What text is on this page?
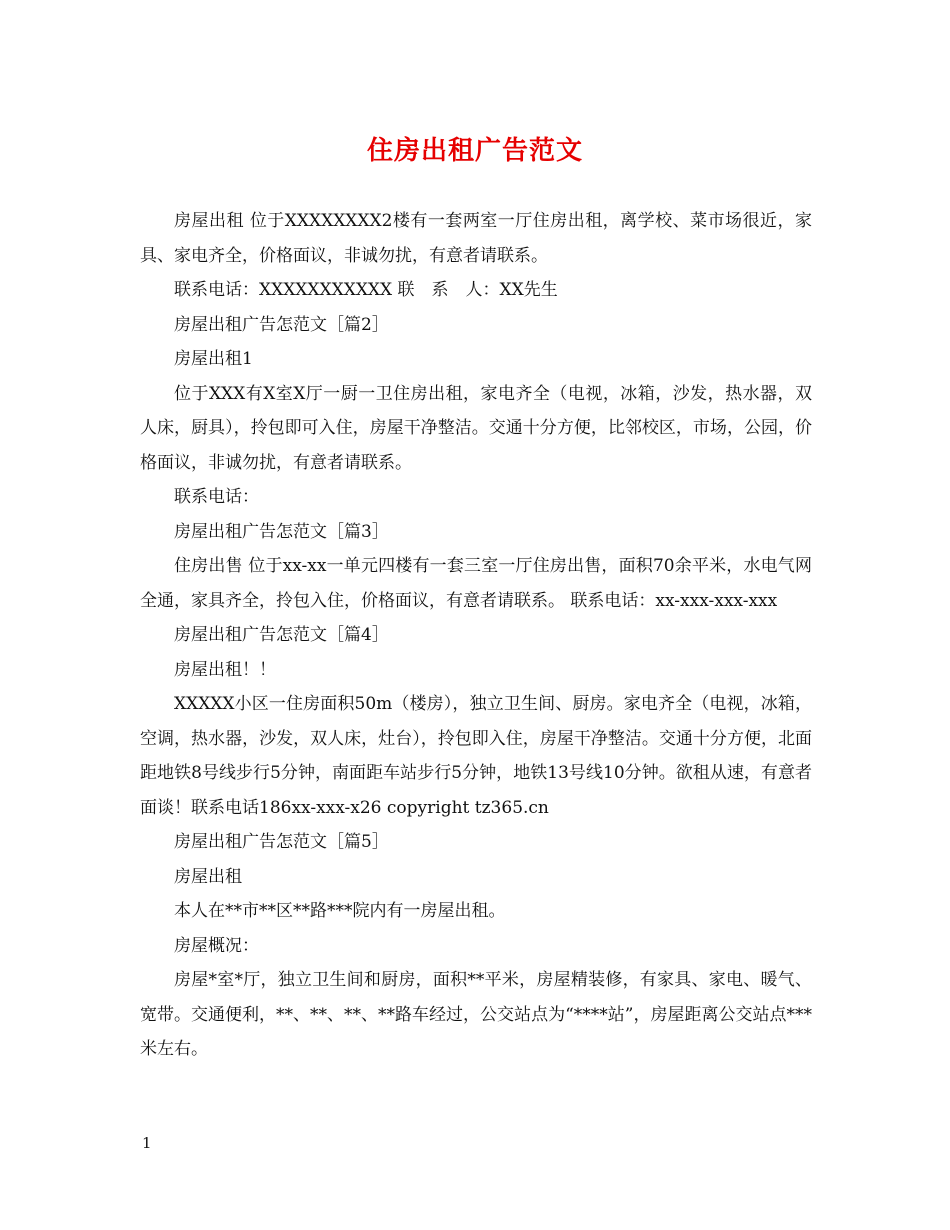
住房出租广告范文

房屋出租 位于XXXXXXXX2楼有一套两室一厅住房出租，离学校、菜市场很近，家具、家电齐全，价格面议，非诚勿扰，有意者请联系。

联系电话：XXXXXXXXXXX 联　系　人：XX先生

房屋出租广告怎范文［篇2］

房屋出租1

位于XXX有X室X厅一厨一卫住房出租，家电齐全（电视，冰箱，沙发，热水器，双人床，厨具），拎包即可入住，房屋干净整洁。交通十分方便，比邻校区，市场，公园，价格面议，非诚勿扰，有意者请联系。

联系电话：

房屋出租广告怎范文［篇3］

住房出售 位于xx-xx一单元四楼有一套三室一厅住房出售，面积70余平米，水电气网全通，家具齐全，拎包入住，价格面议，有意者请联系。 联系电话：xx-xxx-xxx-xxx

房屋出租广告怎范文［篇4］

房屋出租！！

XXXXX小区一住房面积50m（楼房），独立卫生间、厨房。家电齐全（电视，冰箱，空调，热水器，沙发，双人床，灶台），拎包即入住，房屋干净整洁。交通十分方便，北面距地铁8号线步行5分钟，南面距车站步行5分钟，地铁13号线10分钟。欲租从速，有意者面谈！联系电话186xx-xxx-x26 copyright tz365.cn

房屋出租广告怎范文［篇5］

房屋出租

本人在**市**区**路***院内有一房屋出租。

房屋概况：

房屋*室*厅，独立卫生间和厨房，面积**平米，房屋精装修，有家具、家电、暖气、宽带。交通便利，**、**、**、**路车经过，公交站点为“****站”，房屋距离公交站点***米左右。

1
